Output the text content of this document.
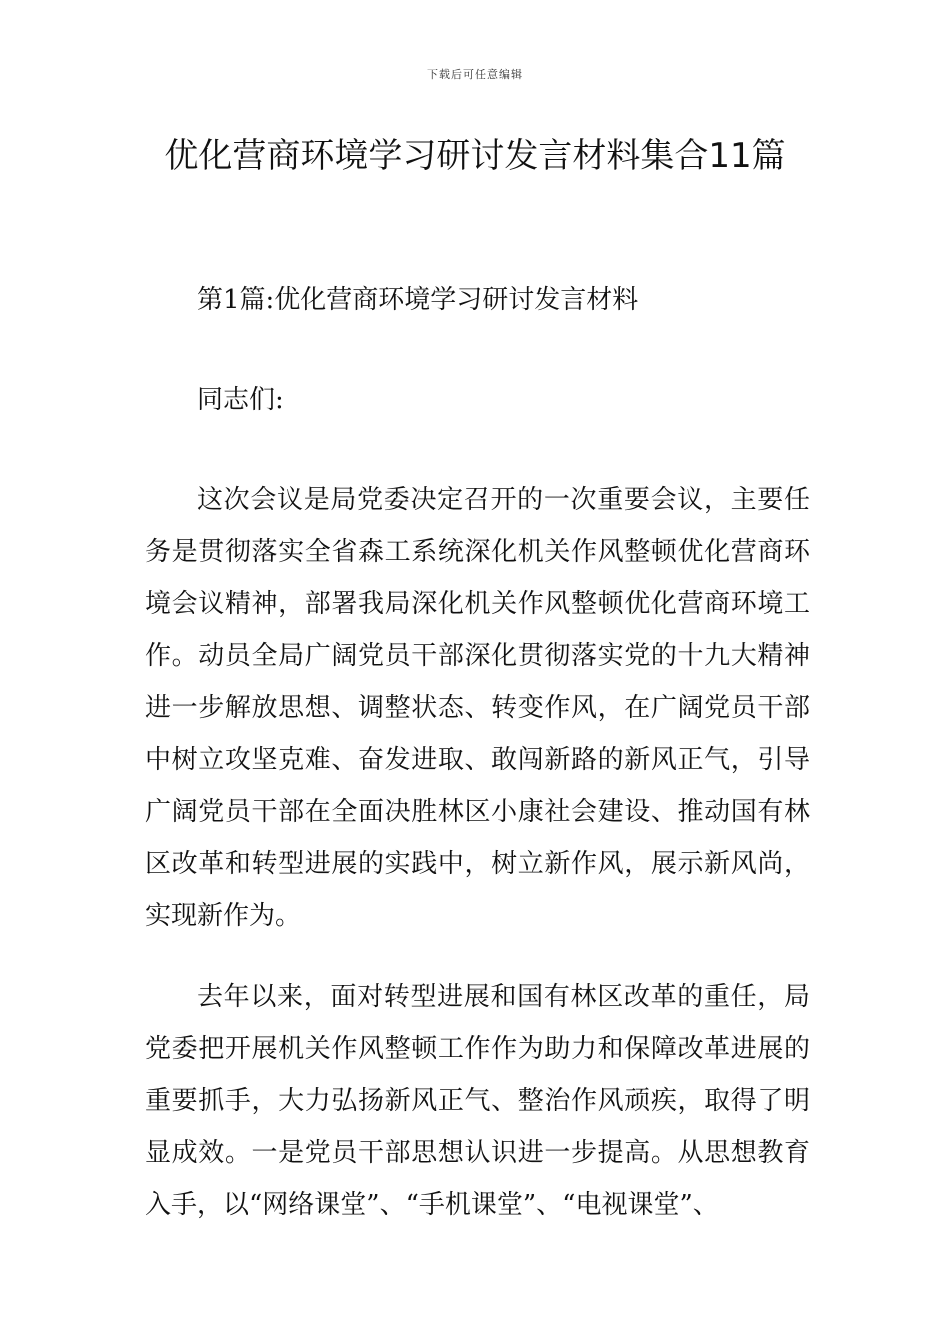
下载后可任意编辑
优化营商环境学习研讨发言材料集合11篇

第1篇:优化营商环境学习研讨发言材料

同志们:

这次会议是局党委决定召开的一次重要会议，主要任务是贯彻落实全省森工系统深化机关作风整顿优化营商环境会议精神，部署我局深化机关作风整顿优化营商环境工作。动员全局广阔党员干部深化贯彻落实党的十九大精神进一步解放思想、调整状态、转变作风，在广阔党员干部中树立攻坚克难、奋发进取、敢闯新路的新风正气，引导广阔党员干部在全面决胜林区小康社会建设、推动国有林区改革和转型进展的实践中，树立新作风，展示新风尚，实现新作为。

去年以来，面对转型进展和国有林区改革的重任，局党委把开展机关作风整顿工作作为助力和保障改革进展的重要抓手，大力弘扬新风正气、整治作风顽疾，取得了明显成效。一是党员干部思想认识进一步提高。从思想教育入手，以“网络课堂”、“手机课堂”、“电视课堂”、
